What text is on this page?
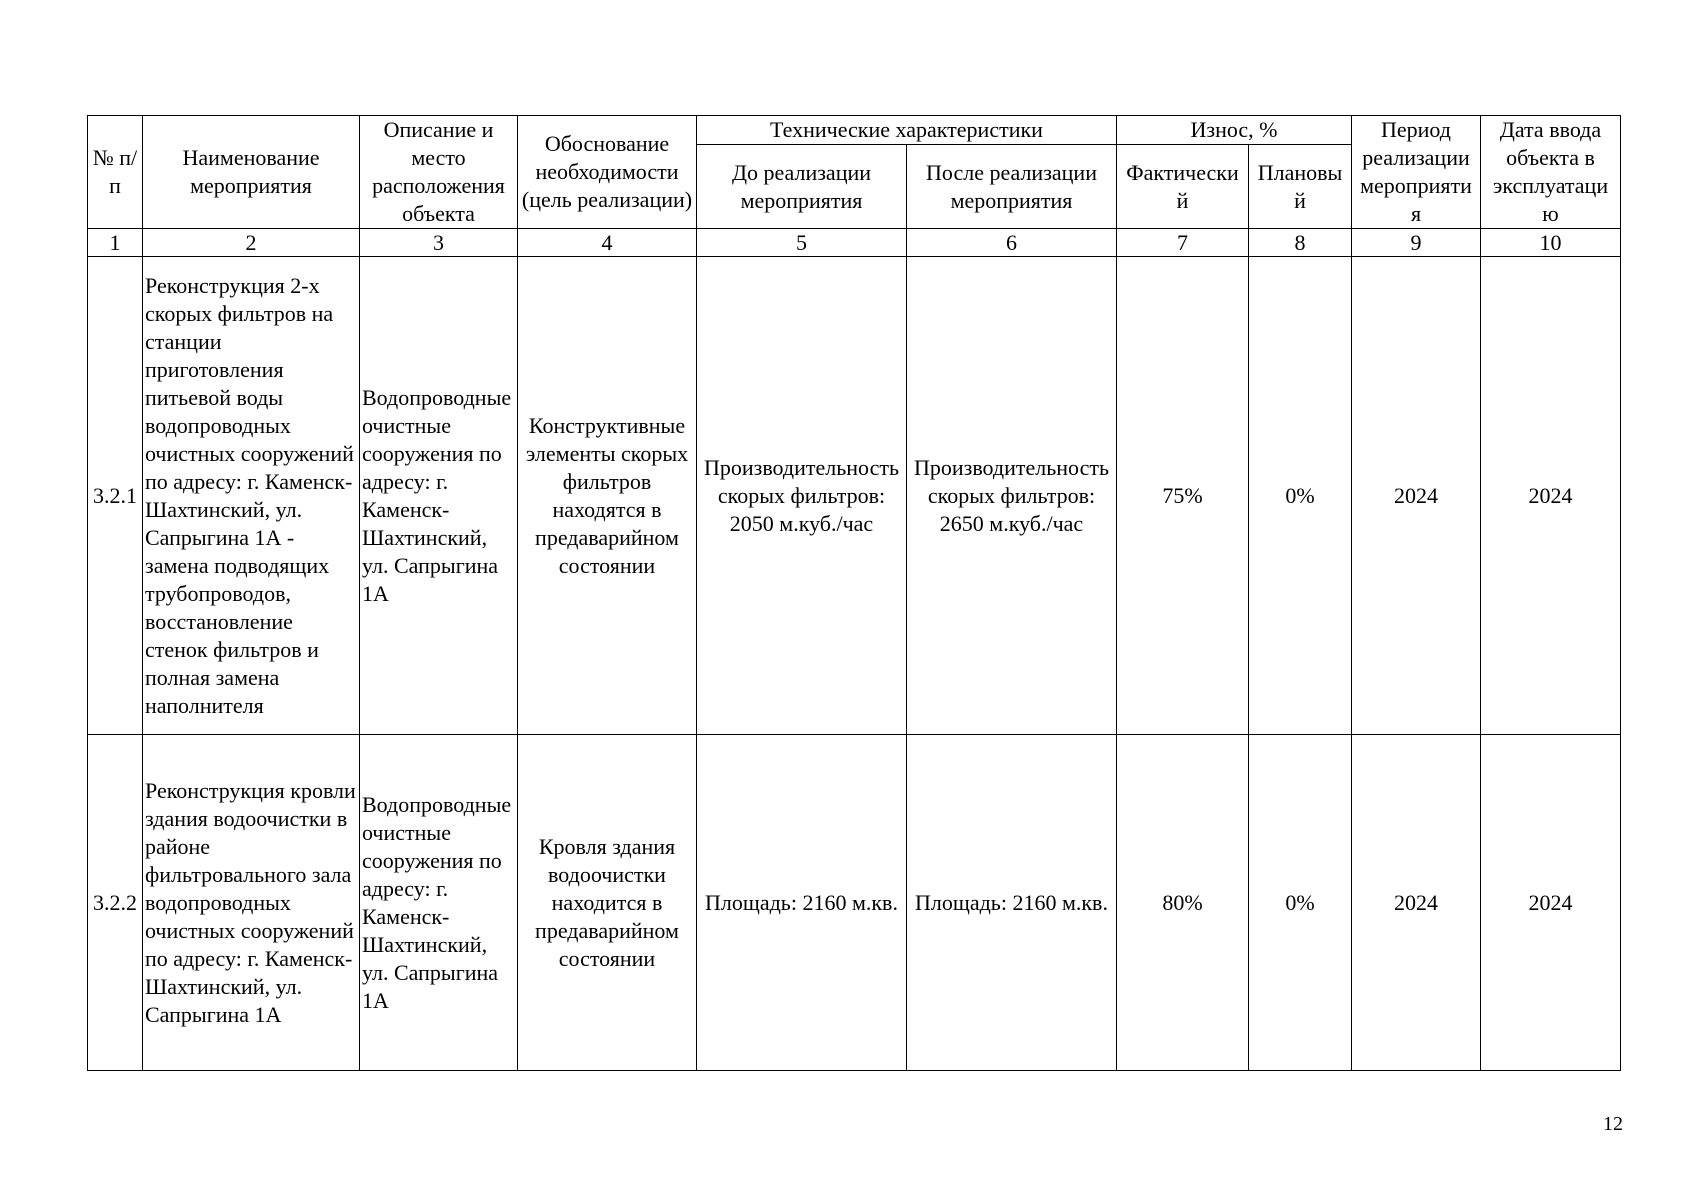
№ п/п	Наименование мероприятия	Описание и место расположения объекта	Обоснование необходимости (цель реализации)	Технические характеристики		Износ, %		Период реализации мероприяти я	Дата ввода объекта в эксплуатаци ю
				До реализации мероприятия	После реализации мероприятия	Фактически й	Плановы й		
1	2	3	4	5	6	7	8	9	10
3.2.1	Реконструкция 2-х скорых фильтров на станции приготовления питьевой воды водопроводных очистных сооружений по адресу: г. Каменск-Шахтинский, ул. Сапрыгина 1А - замена подводящих трубопроводов, восстановление стенок фильтров и полная замена наполнителя	Водопроводные очистные сооружения по адресу: г. Каменск-Шахтинский, ул. Сапрыгина 1А	Конструктивные элементы скорых фильтров находятся в предаварийном состоянии	Производительность скорых фильтров: 2050 м.куб./час	Производительность скорых фильтров: 2650 м.куб./час	75%	0%	2024	2024
3.2.2	Реконструкция кровли здания водоочистки в районе фильтровального зала водопроводных очистных сооружений по адресу: г. Каменск-Шахтинский, ул. Сапрыгина 1А	Водопроводные очистные сооружения по адресу: г. Каменск-Шахтинский, ул. Сапрыгина 1А	Кровля здания водоочистки находится в предаварийном состоянии	Площадь: 2160 м.кв.	Площадь: 2160 м.кв.	80%	0%	2024	2024
12
